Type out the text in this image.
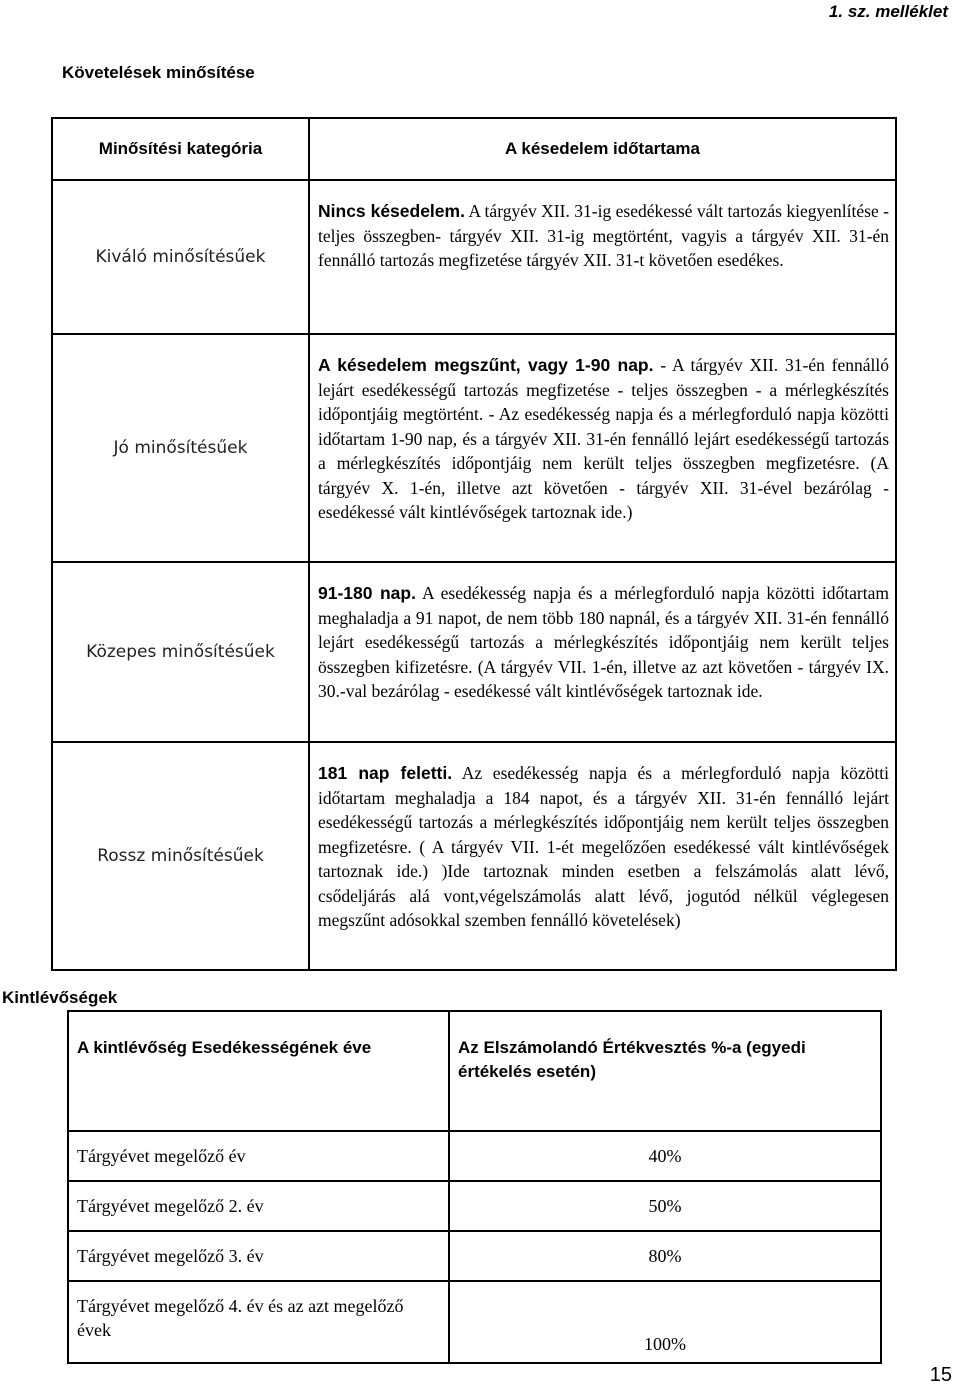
1. sz. melléklet
Követelések minősítése
Minősítési kategória	A késedelem időtartama
Kiváló minősítésűek	Nincs késedelem. A tárgyév XII. 31-ig esedékessé vált tartozás kiegyenlítése - teljes összegben- tárgyév XII. 31-ig megtörtént, vagyis a tárgyév XII. 31-én fennálló tartozás megfizetése tárgyév XII. 31-t követően esedékes.
Jó minősítésűek	A késedelem megszűnt, vagy 1-90 nap. - A tárgyév XII. 31-én fennálló lejárt esedékességű tartozás megfizetése - teljes összegben - a mérlegkészítés időpontjáig megtörtént. - Az esedékesség napja és a mérlegforduló napja közötti időtartam 1-90 nap, és a tárgyév XII. 31-én fennálló lejárt esedékességű tartozás a mérlegkészítés időpontjáig nem került teljes összegben megfizetésre. (A tárgyév X. 1-én, illetve azt követően - tárgyév XII. 31-ével bezárólag - esedékessé vált kintlévőségek tartoznak ide.)
Közepes minősítésűek	91-180 nap. A esedékesség napja és a mérlegforduló napja közötti időtartam meghaladja a 91 napot, de nem több 180 napnál, és a tárgyév XII. 31-én fennálló lejárt esedékességű tartozás a mérlegkészítés időpontjáig nem került teljes összegben kifizetésre. (A tárgyév VII. 1-én, illetve az azt követően - tárgyév IX. 30.-val bezárólag - esedékessé vált kintlévőségek tartoznak ide.
Rossz minősítésűek	181 nap feletti. Az esedékesség napja és a mérlegforduló napja közötti időtartam meghaladja a 184 napot, és a tárgyév XII. 31-én fennálló lejárt esedékességű tartozás a mérlegkészítés időpontjáig nem került teljes összegben megfizetésre. ( A tárgyév VII. 1-ét megelőzően esedékessé vált kintlévőségek tartoznak ide.) )Ide tartoznak minden esetben a felszámolás alatt lévő, csődeljárás alá vont,végelszámolás alatt lévő, jogutód nélkül véglegesen megszűnt adósokkal szemben fennálló követelések)
Kintlévőségek
A kintlévőség Esedékességének éve	Az Elszámolandó Értékvesztés %-a (egyedi értékelés esetén)
Tárgyévet megelőző év	40%
Tárgyévet megelőző 2. év	50%
Tárgyévet megelőző 3. év	80%
Tárgyévet megelőző 4. év és az azt megelőző évek	100%
15
